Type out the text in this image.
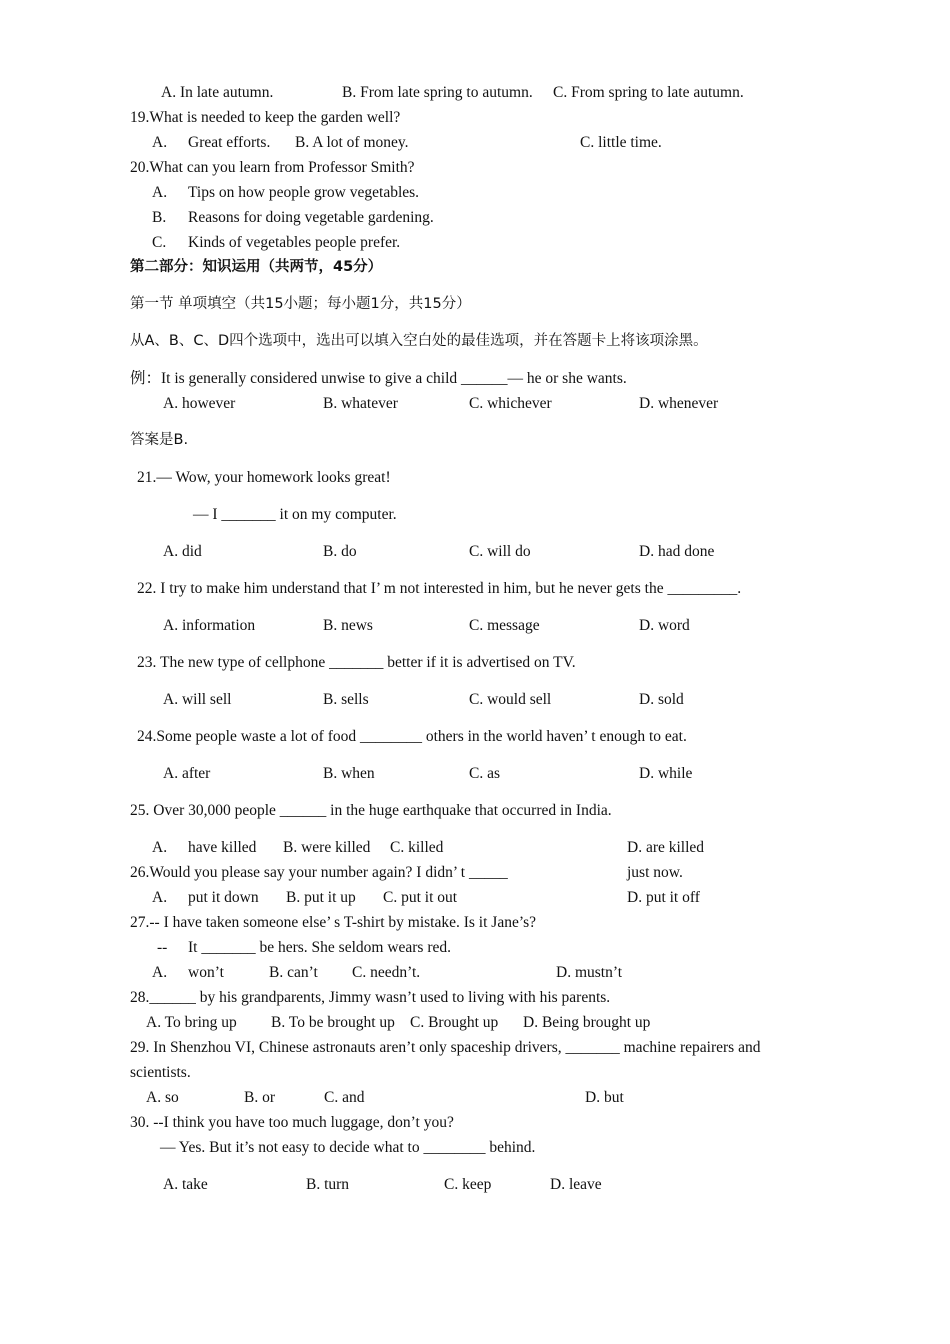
A. In late autumn.	B. From late spring to autumn. C. From spring to late autumn.
19.What is needed to keep the garden well?
A. Great efforts. B. A lot of money.	C. little time.
20.What can you learn from Professor Smith?
A. Tips on how people grow vegetables.
B. Reasons for doing vegetable gardening.
C. Kinds of vegetables people prefer.
第二部分：知识运用（共两节，45分）
第一节 单项填空（共15小题；每小题1分，共15分）
从A、B、C、D四个选项中，选出可以填入空白处的最佳选项，并在答题卡上将该项涂黑。
例：It is generally considered unwise to give a child ______— he or she wants.
A. however	B. whatever	C. whichever	D. whenever
答案是B.
21.— Wow, your homework looks great!
— I _______ it on my computer.
A. did	B. do	C. will do	D. had done
22. I try to make him understand that I’ m not interested in him, but he never gets the _________.
A. information	B. news	C. message	D. word
23. The new type of cellphone _______ better if it is advertised on TV.
A. will sell	B. sells	C. would sell	D. sold
24.Some people waste a lot of food ________ others in the world haven’ t enough to eat.
A. after	B. when	C. as	D. while
25. Over 30,000 people ______ in the huge earthquake that occurred in India.
A. have killed B. were killed C. killed	D. are killed
26.Would you please say your number again? I didn’ t _____	just now.
A. put it down B. put it up C. put it out	D. put it off
27.-- I have taken someone else’ s T-shirt by mistake. Is it Jane’s?
-- It _______ be hers. She seldom wears red.
A. won’t	B. can’t C. needn’t.	D. mustn’t
28.______ by his grandparents, Jimmy wasn’t used to living with his parents.
A. To bring up B. To be brought up C. Brought up D. Being brought up
29. In Shenzhou VI, Chinese astronauts aren’t only spaceship drivers, _______ machine repairers and
scientists.
A. so	B. or	C. and	D. but
30. --I think you have too much luggage, don’t you?
— Yes. But it’s not easy to decide what to ________ behind.
A. take	B. turn	C. keep	D. leave
